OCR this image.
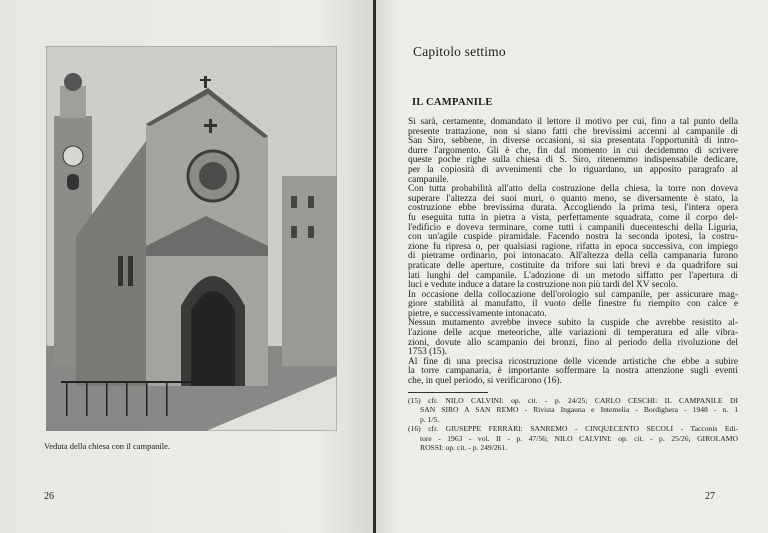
Veduta della chiesa con il campanile.
26
Capitolo settimo
IL CAMPANILE
Si sarà, certamente, domandato il lettore il motivo per cui, fino a tal punto della
presente trattazione, non si siano fatti che brevissimi accenni al campanile di
San Siro, sebbene, in diverse occasioni, si sia presentata l'opportunità di intro-
durre l'argomento. Gli è che, fin dal momento in cui decidemmo di scrivere
queste poche righe sulla chiesa di S. Siro, ritenemmo indispensabile dedicare,
per la copiosità di avvenimenti che lo riguardano, un apposito paragrafo al
campanile.
Con tutta probabilità all'atto della costruzione della chiesa, la torre non doveva
superare l'altezza dei suoi muri, o quanto meno, se diversamente è stato, la
costruzione ebbe brevissima durata. Accogliendo la prima tesi, l'intera opera
fu eseguita tutta in pietra a vista, perfettamente squadrata, come il corpo del-
l'edificio e doveva terminare, come tutti i campanili duecenteschi della Liguria,
con un'agile cuspide piramidale. Facendo nostra la seconda ipotesi, la costru-
zione fu ripresa o, per qualsiasi ragione, rifatta in epoca successiva, con impiego
di pietrame ordinario, poi intonacato. All'altezza della cella campanaria furono
praticate delle aperture, costituite da trifore sui lati brevi e da quadrifore sui
lati lunghi del campanile. L'adozione di un metodo siffatto per l'apertura di
luci e vedute induce a datare la costruzione non più tardi del XV secolo.
In occasione della collocazione dell'orologio sul campanile, per assicurare mag-
giore stabilità al manufatto, il vuoto delle finestre fu riempito con calce e
pietre, e successivamente intonacato.
Nessun mutamento avrebbe invece subito la cuspide che avrebbe resistito al-
l'azione delle acque meteoriche, alle variazioni di temperatura ed alle vibra-
zioni, dovute allo scampanio dei bronzi, fino al periodo della rivoluzione del
1753 (15).
Al fine di una precisa ricostruzione delle vicende artistiche che ebbe a subire
la torre campanaria, è importante soffermare la nostra attenzione sugli eventi
che, in quel periodo, si verificarono (16).
(15) cfr. NILO CALVINI: op. cit. - p. 24/25; CARLO CESCHI: IL CAMPANILE DI
SAN SIRO A SAN REMO - Rivista Ingauna e Intemelia - Bordighera - 1948 - n. 1
p. 1/5.
(16) cfr. GIUSEPPE FERRARI: SANREMO - CINQUECENTO SECOLI - Tacconis Edi-
tore - 1963 - vol. II - p. 47/56; NILO CALVINI: op. cit. - p. 25/26; GIROLAMO
ROSSI: op. cit. - p. 249/261.
27
